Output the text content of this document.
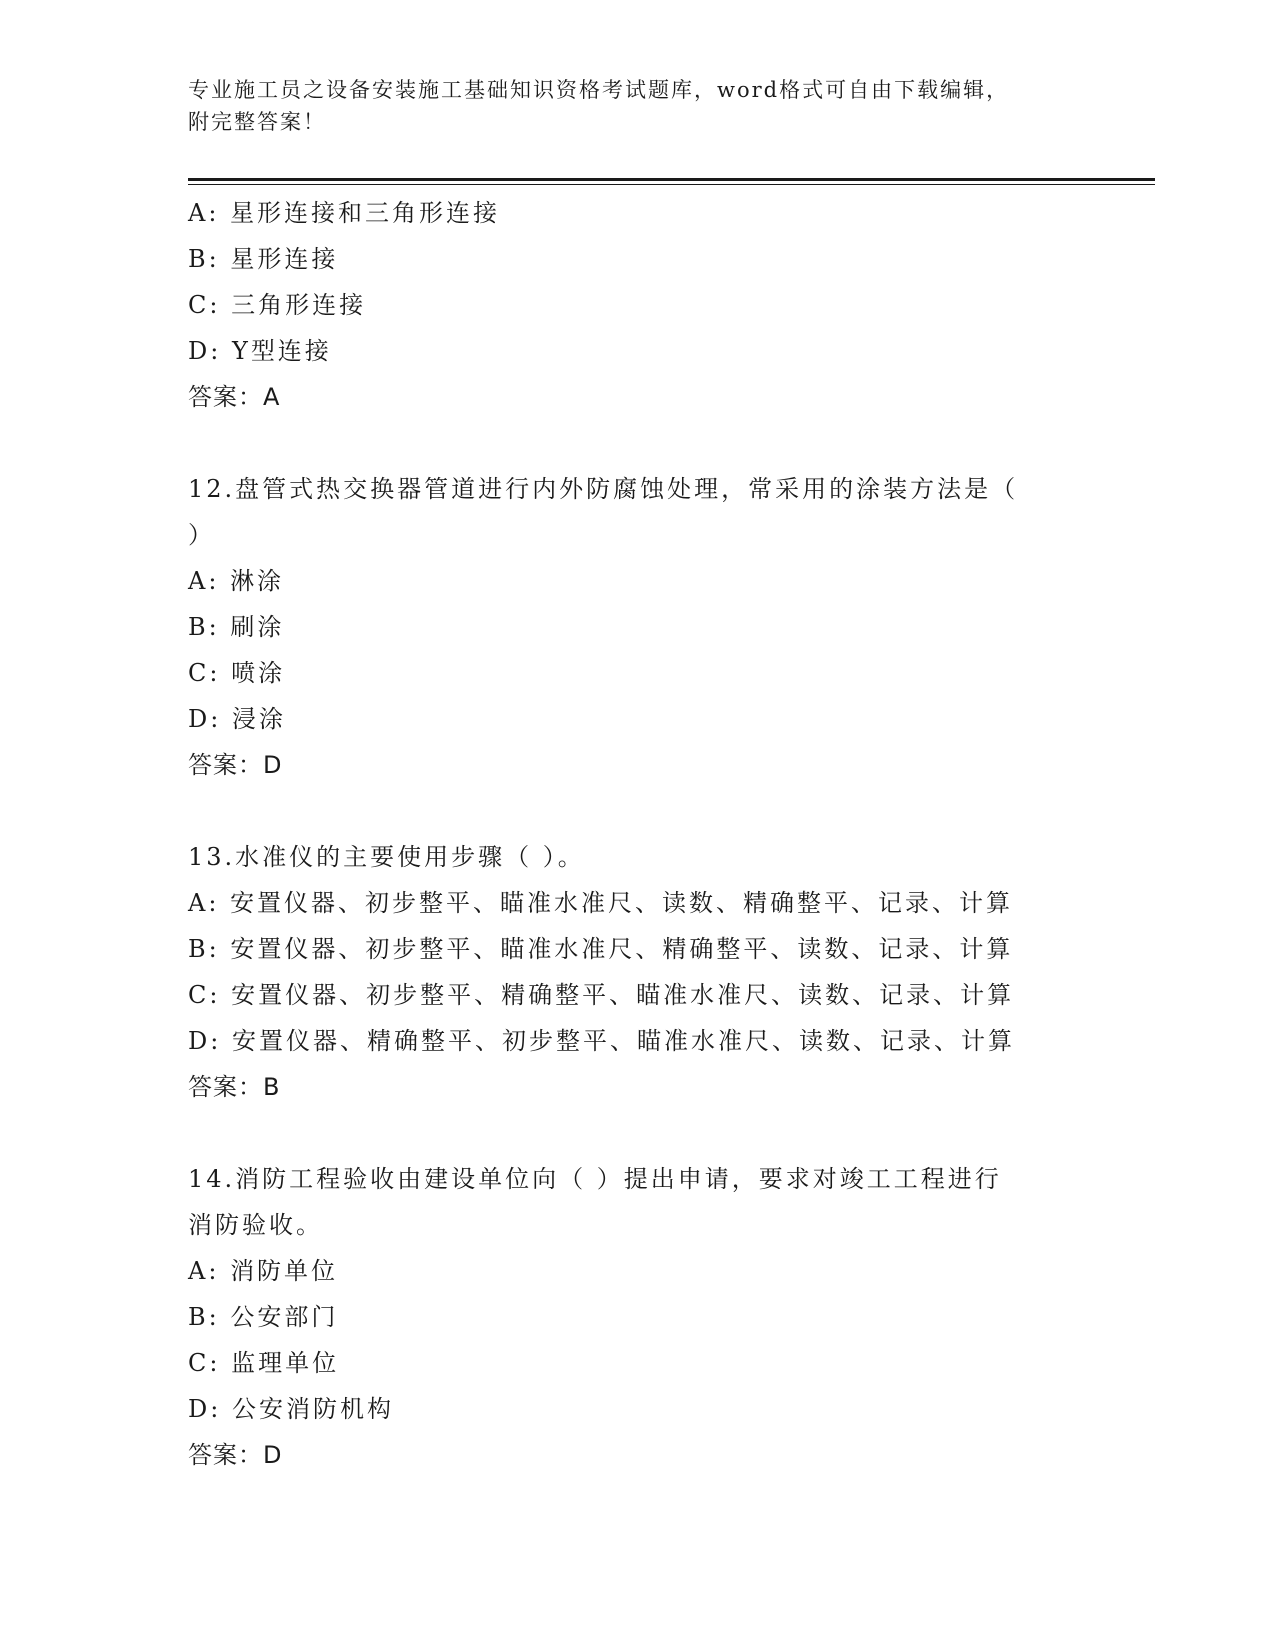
专业施工员之设备安装施工基础知识资格考试题库，word格式可自由下载编辑，
附完整答案！
A: 星形连接和三角形连接
B: 星形连接
C: 三角形连接
D: Y型连接
答案：A
12.盘管式热交换器管道进行内外防腐蚀处理，常采用的涂装方法是（
）
A: 淋涂
B: 刷涂
C: 喷涂
D: 浸涂
答案：D
13.水准仪的主要使用步骤（ ）。
A: 安置仪器、初步整平、瞄准水准尺、读数、精确整平、记录、计算
B: 安置仪器、初步整平、瞄准水准尺、精确整平、读数、记录、计算
C: 安置仪器、初步整平、精确整平、瞄准水准尺、读数、记录、计算
D: 安置仪器、精确整平、初步整平、瞄准水准尺、读数、记录、计算
答案：B
14.消防工程验收由建设单位向（ ）提出申请，要求对竣工工程进行
消防验收。
A: 消防单位
B: 公安部门
C: 监理单位
D: 公安消防机构
答案：D
